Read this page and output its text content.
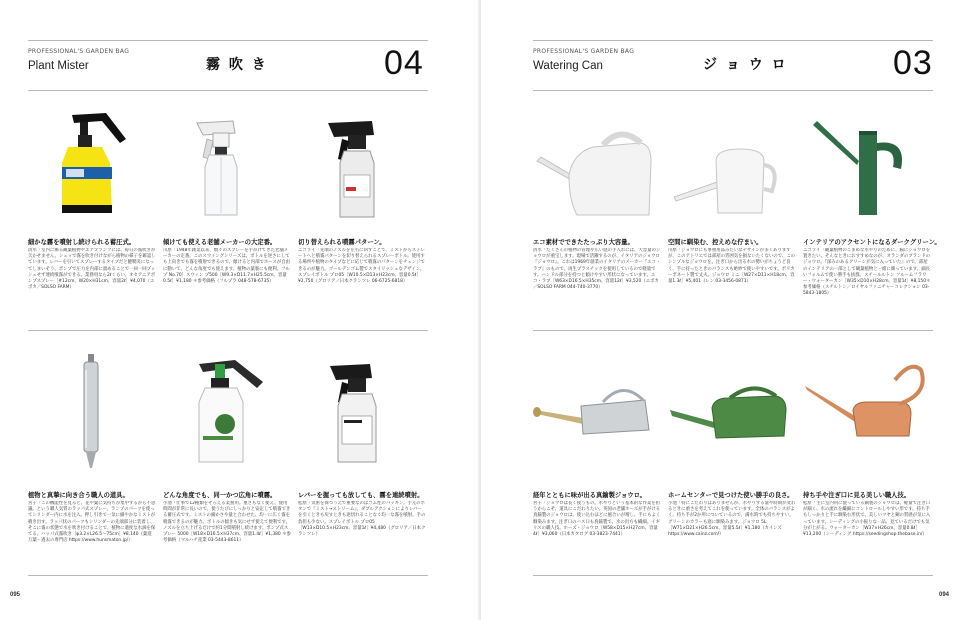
PROFESSIONAL'S GARDEN BAG
Plant Mister	霧 吹 き	04
細かな霧を噴射し続けられる蓄圧式。
清水「室内に飾る観葉植物やエアプランツには、毎日の霧吹きが欠かせません。シュッで霧を吹き付けながら植物の様子を確認しています。レバーを引いてスプレーするタイプだと腱鞘炎になってしまいそう。ポンプで圧力を内部に溜めることで一回一回プッシュせず連続噴霧ができる。業務用なら2ℓくらい。オセアニアポンプスプレー［#12cm、W20×H31cm、容量2ℓ］¥4,070（エポカ／SOLSO FARM）
傾けても使える老舗メーカーの大定番。
川原「1948年創業以来、数々のスプレーを手がけてきた老舗メーカーの定番。このスウィングシリーズは、ボトルを逆さにしても上向きでも霧を噴射できるので、傾けると内部でホースが自由に動いて、どんな角度でも使えます。植物の葉裏にも便利。フルプ No.70］スウィン プ500［W9.3×D11.7×H25.5cm、容量0.5ℓ］¥1,180 ＊参考価格（フルプラ 048-578-6735）
切り替えられる噴霧パターン。
ニコライ「先端のノズルを左右に回すことで、ミストからストレートへと噴霧パターンを切り替えられるスプレーボトル。使用する場所や植物のタイプなどに応じて噴霧のパターンをチェンジできるのが魅力。ゴールデンゴム製でスタイリッシュなデザイン。スプレイボトル プロ05［W10.5×D13×H23cm、容量0.5ℓ］¥2,750（グロリア／日本クランツレ 06-6725-6818）
植物と真摯に向き合う職人の道具。
宮子「この機能性を見ると、花や葉に気持ちが集中するから不思議。という職人気質のラッパ式スプレー。ランプのパーツを使ってシリンダー内に水を注入。押し引きで一気に細やかなミストが噴き出す。ラッパ状のパーツもシリンダーの先端部分に装着し、そこに霧の状態で水を吹き付けることで、植物に適度な水滴を保てる。ハッパ式霧吹き［φ3.2×L26.5〜75cm］¥8,140（葉遊 万葉・過去の専門店 https://www.hunsmaton.jp/）
どんな角度でも、同一かつ広角に噴霧。
小池「仕事で12種類をそろえる業務用。重さもなく使え、使用時間が非常に長いので、使うたびにしっかりと安定して噴霧できる蓄圧式です。ミストの細かさや量と合わせた、均一に広く霧を噴霧できるのが魅力。ボトルの傾きも気にせず使えて便利です。ノズルを立ち上げるだけで約1分間噴射し続けます。ポンプ式スプレー 5000［W18×D16.5×H37cm、容量1.4ℓ］¥1,380 ＊参考価格（マルハチ産業 03-5443-8611）
レバーを握っても放しても、霧を連続噴射。
松原「気密を保つうえで重要なのはゴム性のパッキン。手元のボタンで『ミスト→ストリーム』、ダブルアクションによりレバーを引くときも戻すときも途切れることなく均一な霧を噴射。手の負担も少ない。スプレイボトル プロ05［W13×D10.5×H23cm、容量1ℓ］¥4,480（グロリア／日本クランツレ）
095
PROFESSIONAL'S GARDEN BAG
Watering Can	ジ ョ ウ ロ	03
エコ素材でできたたっぷり大容量。
清水「たくさんの植物の管理や広い庭の手入れには、大容量のジョウロが重宝します。現場で活躍するのが、イタリアのジョウロ『ジョウロ』。これは1969年創業のイタリアのメーカー『エコ・ラブ』のもので、再生プラスチックを使用しているので軽量です。ハンドル部分を持つと傾けやすい形状になっています。エコ・ラブ［W63×D16.5×H35cm、容量12ℓ］¥3,520（エポカ／SOLSO FARM 044-740-3770）
空間に馴染む、控えめな佇まい。
川原「ジョウロにも事務用品みたいなデザインが多くありますが、このアトリエでは部屋の雰囲気を損ないたくないので、このシンプルなジョウロを。注ぎ口から出る水の勢いがちょうど良く、手に持ったときのバランスも絶妙で使いやすいです。ポリカーボネート製で丈夫。ジョウロ ミニ［W27×D11×H18cm、容量1.3ℓ］¥5,401（レン 03-3456-0871）
インテリアのアクセントになるダークグリーン。
ニコライ「観葉植物のこまめな水やりのために、脇にジョウロを置きたい。そんなときにおすすめなのが、オランダのブランドのジョウロ。『深みのあるグリーンが気に入っていた』ので。部屋のインテリアの一部として観葉植物と一緒に飾っています。細長いフォルムで使い勝手も抜群。スチールルトン フルームフラワー・ウォーターカン［W35×D10×H28cm、容量1ℓ］¥8,150＊参考価格（スチルトン／ロイヤルファニチャーコレクション 03-5843-1805）
経年とともに味が出る真鍮製ジョウロ。
宮子「ジョウロは長く使うもの。水やりという基本的な作業を担うからこそ、道具にこだわりたい。英国の老舗ホーズが手がける真鍮製のジョウロは、使い込むほどに風合いが増し、手にもよく馴染みます。注ぎ口のハス口も真鍮製で、水の出方も繊細。イギリスの職人技。ホーズ・ジョウロ［W58×D15×H27cm、容量4ℓ］¥3,060（日本カタログ 03-3823-7441）
ホームセンターで見つけた使い勝手の良さ。
小池「特にこだわりはありませんが、水やりする量や時期が変わるときに重さを考えてこれを使っています。全体のバランスがよく、持ち手が2か所についているので、満水時でも持ちやすい。グリーンのカラーも庭に馴染みます。ジョウロ 5L［W71×D21×H26.5cm、容量5.5ℓ］¥1,180（カインズ https://www.cainz.com/）
持ち手や注ぎ口に見る美しい職人技。
松原「主に室内用に使っている銅製のジョウロは、軽量で注ぎ口が細く、水の流れを繊細にコントロールしやすい形です。持ち手もしっかりと手に馴染む形状で、美しいツヤと銅の質感が気に入っています。シーディングの小振りな一品。見ているだけでも気分が上がる。ウォーターカン［W37×H26cm、容量0.8ℓ］¥13,200（シーディング https://seedingshop.thebase.in/）
094
